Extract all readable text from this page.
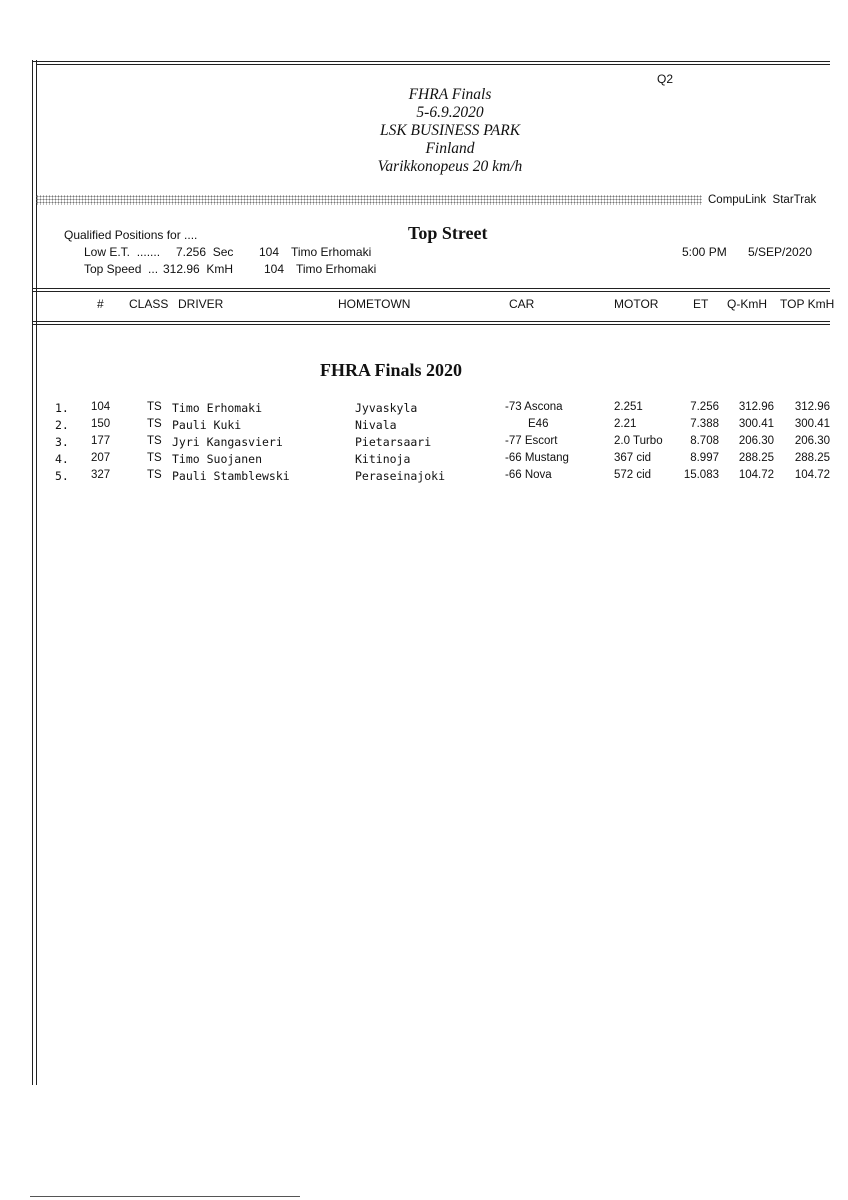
Q2
FHRA Finals
5-6.9.2020
LSK BUSINESS PARK
Finland
Varikkonopeus 20 km/h
CompuLink  StarTrak
Qualified Positions for ....
Low E.T.  ....... 7.256  Sec 104 Timo Erhomaki
Top Speed  ... 312.96  KmH	104 Timo Erhomaki
Top Street
5:00 PM 5/SEP/2020
# CLASS DRIVER	HOMETOWN	CAR	MOTOR	ET Q-KmH TOP KmH
FHRA Finals 2020
1. 104	TS Timo Erhomaki	Jyvaskyla	-73 Ascona	2.251	7.256 312.96 312.96
2. 150	TS Pauli Kuki	Nivala	E46	2.21	7.388 300.41 300.41
3. 177	TS Jyri Kangasvieri	Pietarsaari	-77 Escort	2.0 Turbo 8.708 206.30 206.30
4. 207	TS Timo Suojanen	Kitinoja	-66 Mustang	367 cid	8.997 288.25 288.25
5. 327	TS Pauli Stamblewski	Peraseinajoki	-66 Nova	572 cid	15.083 104.72 104.72
